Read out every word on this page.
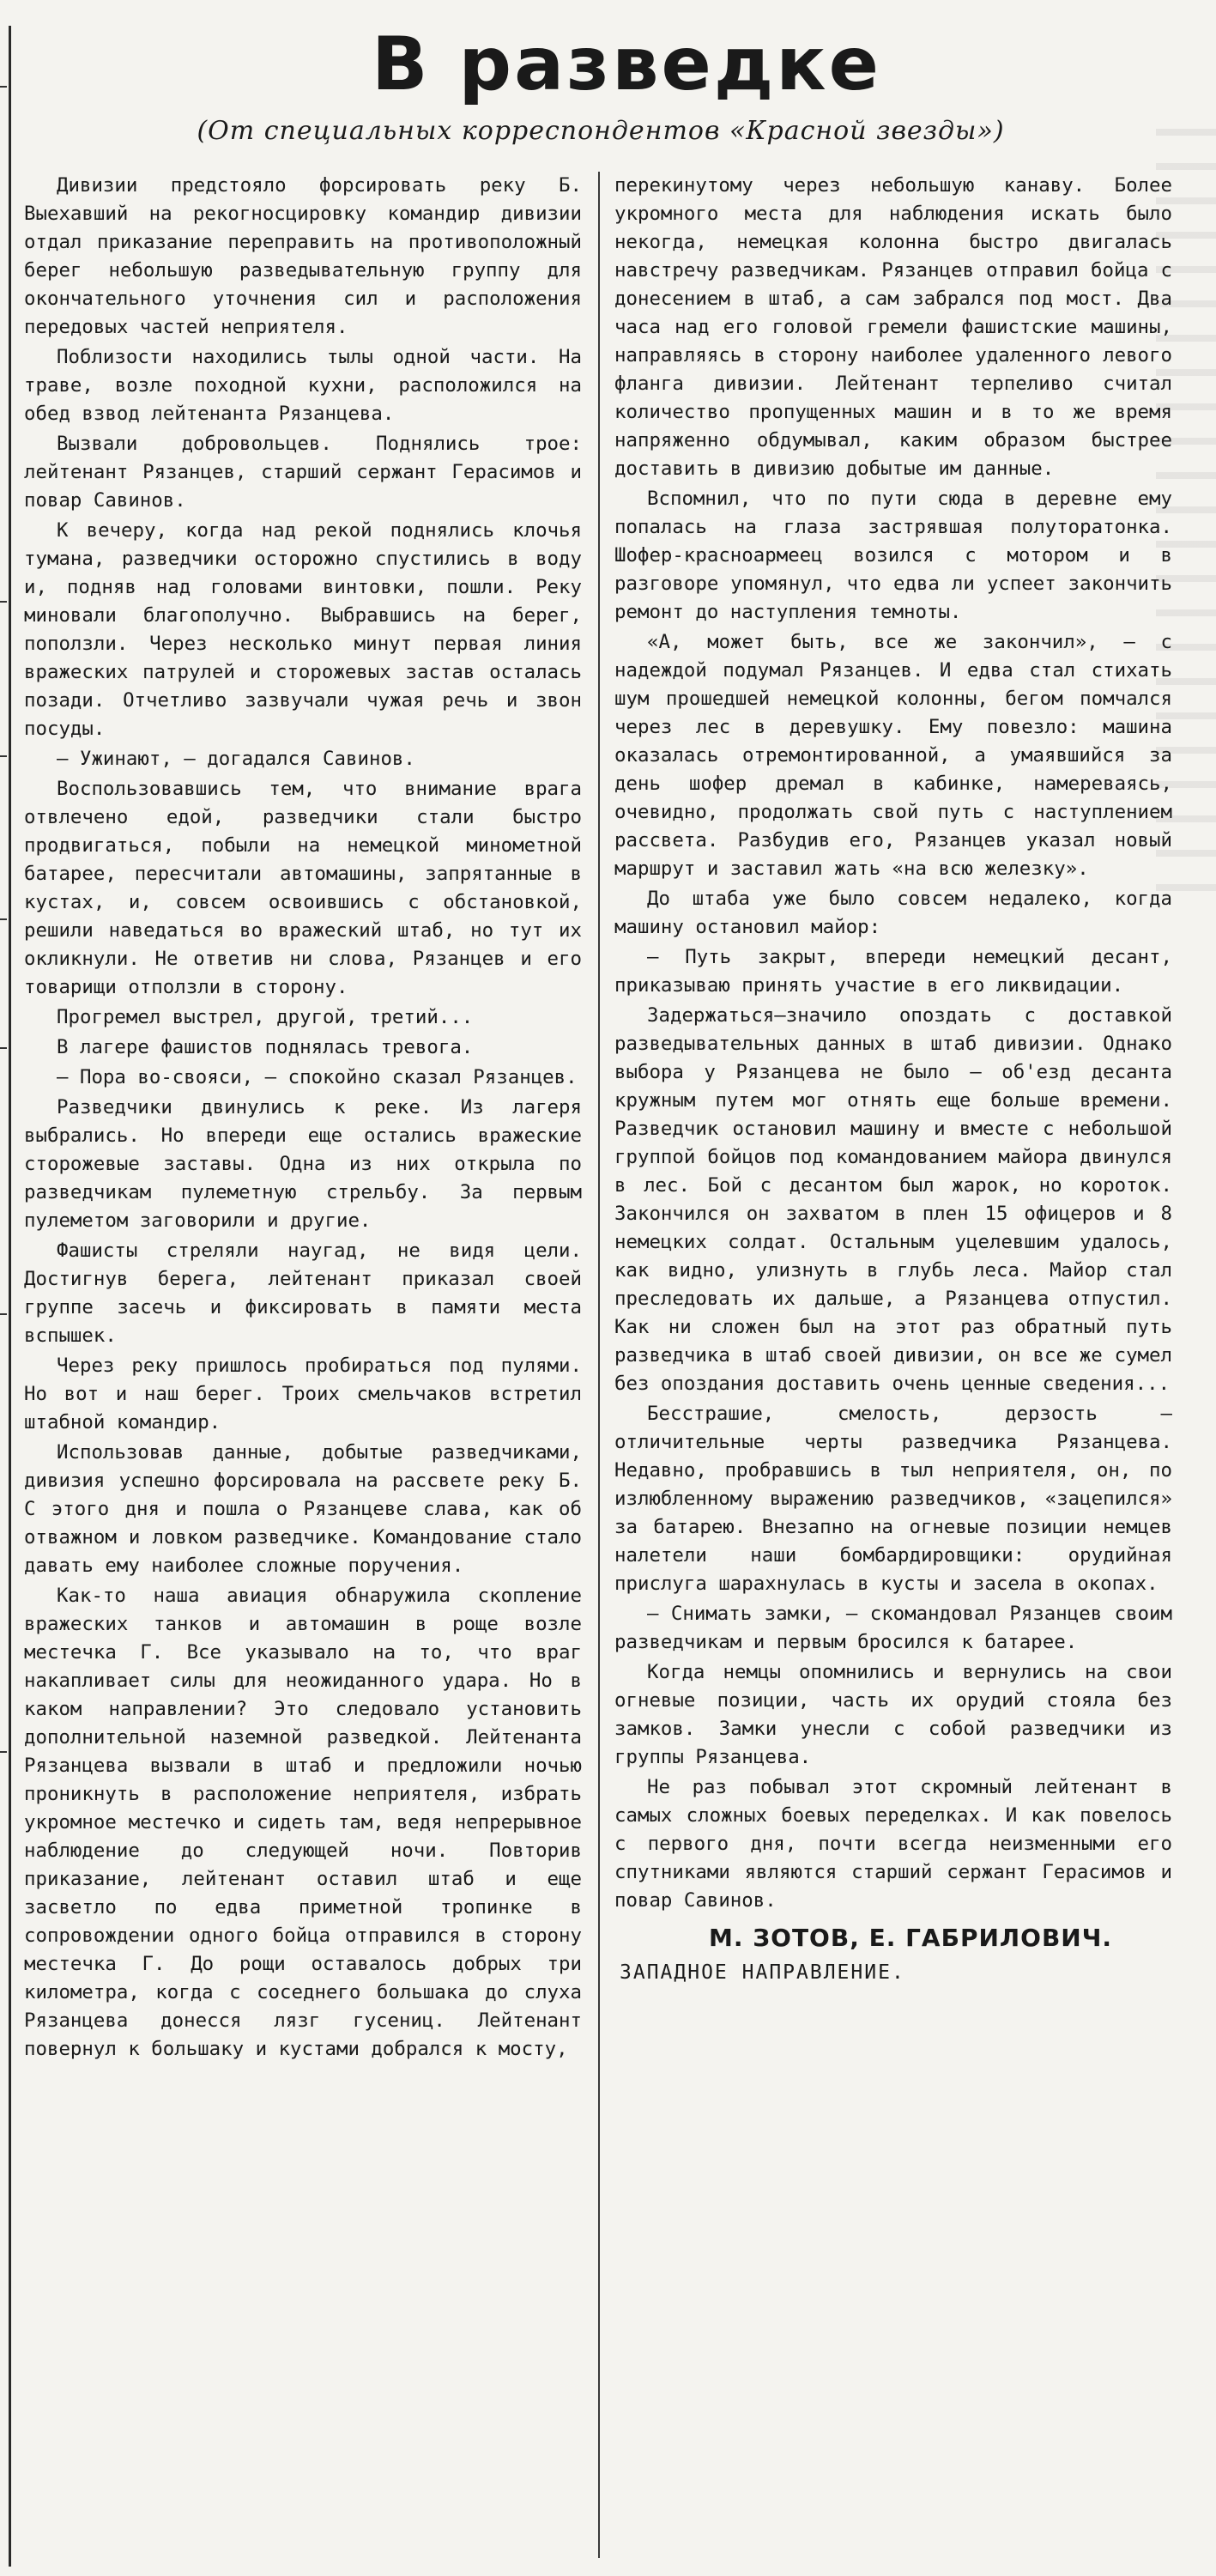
В разведке
(От специальных корреспондентов «Красной звезды»)

Дивизии предстояло форсировать реку Б. Выехавший на рекогносцировку командир дивизии отдал приказание переправить на противоположный берег небольшую разведывательную группу для окончательного уточнения сил и расположения передовых частей неприятеля.

Поблизости находились тылы одной части. На траве, возле походной кухни, расположился на обед взвод лейтенанта Рязанцева.

Вызвали добровольцев. Поднялись трое: лейтенант Рязанцев, старший сержант Герасимов и повар Савинов.

К вечеру, когда над рекой поднялись клочья тумана, разведчики осторожно спустились в воду и, подняв над головами винтовки, пошли. Реку миновали благополучно. Выбравшись на берег, поползли. Через несколько минут первая линия вражеских патрулей и сторожевых застав осталась позади. Отчетливо зазвучали чужая речь и звон посуды.

— Ужинают, — догадался Савинов.

Воспользовавшись тем, что внимание врага отвлечено едой, разведчики стали быстро продвигаться, побыли на немецкой минометной батарее, пересчитали автомашины, запрятанные в кустах, и, совсем освоившись с обстановкой, решили наведаться во вражеский штаб, но тут их окликнули. Не ответив ни слова, Рязанцев и его товарищи отползли в сторону.

Прогремел выстрел, другой, третий...

В лагере фашистов поднялась тревога.

— Пора во-свояси, — спокойно сказал Рязанцев.

Разведчики двинулись к реке. Из лагеря выбрались. Но впереди еще остались вражеские сторожевые заставы. Одна из них открыла по разведчикам пулеметную стрельбу. За первым пулеметом заговорили и другие.

Фашисты стреляли наугад, не видя цели. Достигнув берега, лейтенант приказал своей группе засечь и фиксировать в памяти места вспышек.

Через реку пришлось пробираться под пулями. Но вот и наш берег. Троих смельчаков встретил штабной командир.

Использовав данные, добытые разведчиками, дивизия успешно форсировала на рассвете реку Б. С этого дня и пошла о Рязанцеве слава, как об отважном и ловком разведчике. Командование стало давать ему наиболее сложные поручения.

Как-то наша авиация обнаружила скопление вражеских танков и автомашин в роще возле местечка Г. Все указывало на то, что враг накапливает силы для неожиданного удара. Но в каком направлении? Это следовало установить дополнительной наземной разведкой. Лейтенанта Рязанцева вызвали в штаб и предложили ночью проникнуть в расположение неприятеля, избрать укромное местечко и сидеть там, ведя непрерывное наблюдение до следующей ночи. Повторив приказание, лейтенант оставил штаб и еще засветло по едва приметной тропинке в сопровождении одного бойца отправился в сторону местечка Г. До рощи оставалось добрых три километра, когда с соседнего большака до слуха Рязанцева донесся лязг гусениц. Лейтенант повернул к большаку и кустами добрался к мосту,

перекинутому через небольшую канаву. Более укромного места для наблюдения искать было некогда, немецкая колонна быстро двигалась навстречу разведчикам. Рязанцев отправил бойца с донесением в штаб, а сам забрался под мост. Два часа над его головой гремели фашистские машины, направляясь в сторону наиболее удаленного левого фланга дивизии. Лейтенант терпеливо считал количество пропущенных машин и в то же время напряженно обдумывал, каким образом быстрее доставить в дивизию добытые им данные.

Вспомнил, что по пути сюда в деревне ему попалась на глаза застрявшая полуторатонка. Шофер-красноармеец возился с мотором и в разговоре упомянул, что едва ли успеет закончить ремонт до наступления темноты.

«А, может быть, все же закончил», — с надеждой подумал Рязанцев. И едва стал стихать шум прошедшей немецкой колонны, бегом помчался через лес в деревушку. Ему повезло: машина оказалась отремонтированной, а умаявшийся за день шофер дремал в кабинке, намереваясь, очевидно, продолжать свой путь с наступлением рассвета. Разбудив его, Рязанцев указал новый маршрут и заставил жать «на всю железку».

До штаба уже было совсем недалеко, когда машину остановил майор:

— Путь закрыт, впереди немецкий десант, приказываю принять участие в его ликвидации.

Задержаться—значило опоздать с доставкой разведывательных данных в штаб дивизии. Однако выбора у Рязанцева не было — об'езд десанта кружным путем мог отнять еще больше времени. Разведчик остановил машину и вместе с небольшой группой бойцов под командованием майора двинулся в лес. Бой с десантом был жарок, но короток. Закончился он захватом в плен 15 офицеров и 8 немецких солдат. Остальным уцелевшим удалось, как видно, улизнуть в глубь леса. Майор стал преследовать их дальше, а Рязанцева отпустил. Как ни сложен был на этот раз обратный путь разведчика в штаб своей дивизии, он все же сумел без опоздания доставить очень ценные сведения...

Бесстрашие, смелость, дерзость — отличительные черты разведчика Рязанцева. Недавно, пробравшись в тыл неприятеля, он, по излюбленному выражению разведчиков, «зацепился» за батарею. Внезапно на огневые позиции немцев налетели наши бомбардировщики: орудийная прислуга шарахнулась в кусты и засела в окопах.

— Снимать замки, — скомандовал Рязанцев своим разведчикам и первым бросился к батарее.

Когда немцы опомнились и вернулись на свои огневые позиции, часть их орудий стояла без замков. Замки унесли с собой разведчики из группы Рязанцева.

Не раз побывал этот скромный лейтенант в самых сложных боевых переделках. И как повелось с первого дня, почти всегда неизменными его спутниками являются старший сержант Герасимов и повар Савинов.

М. ЗОТОВ, Е. ГАБРИЛОВИЧ.
ЗАПАДНОЕ НАПРАВЛЕНИЕ.
